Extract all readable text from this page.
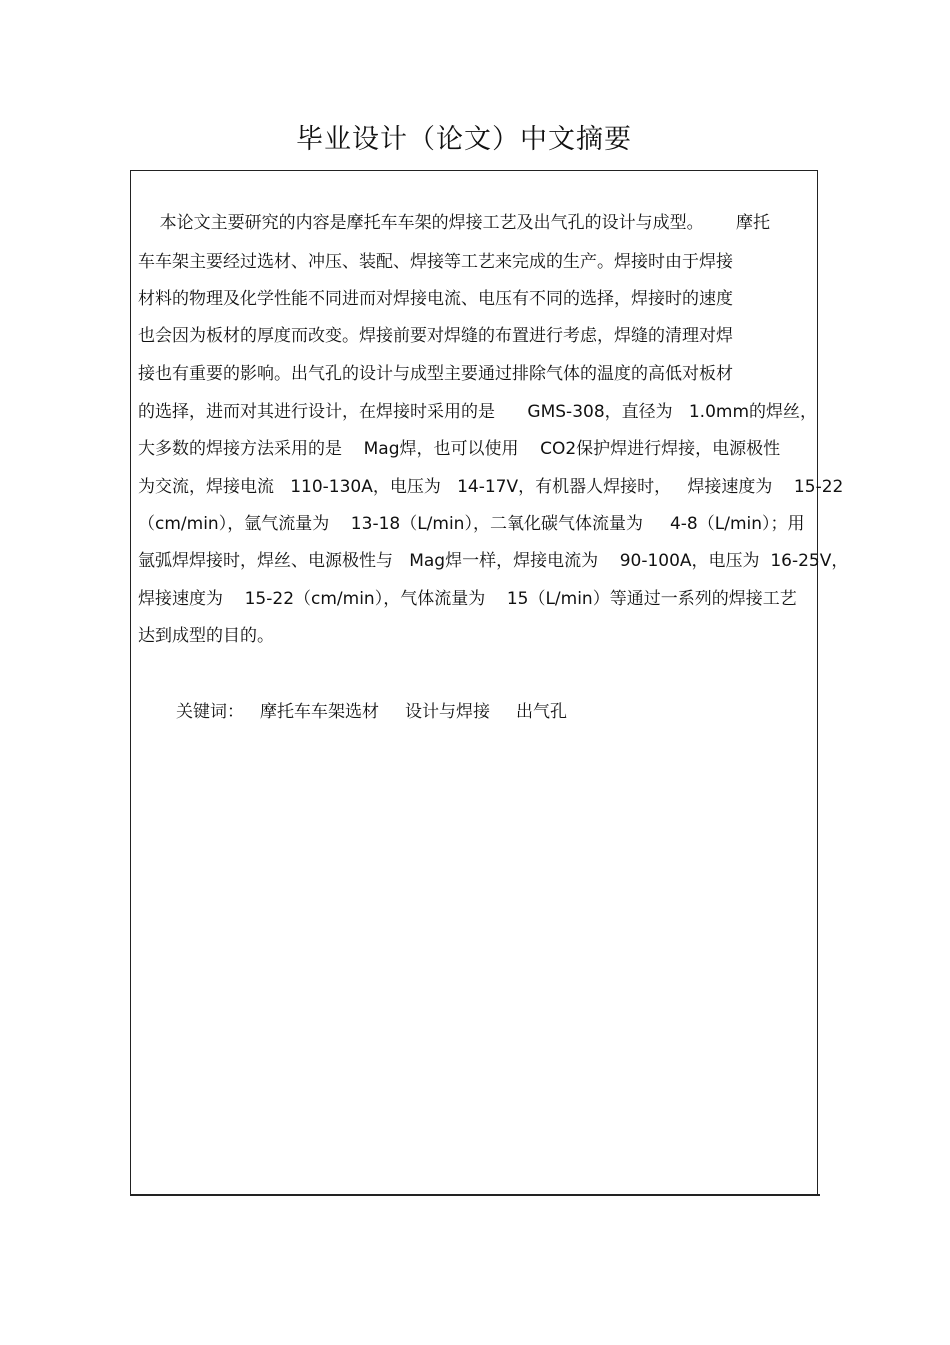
毕业设计（论文）中文摘要
本论文主要研究的内容是摩托车车架的焊接工艺及出气孔的设计与成型。      摩托
车车架主要经过选材、冲压、装配、焊接等工艺来完成的生产。焊接时由于焊接
材料的物理及化学性能不同进而对焊接电流、电压有不同的选择，焊接时的速度
也会因为板材的厚度而改变。焊接前要对焊缝的布置进行考虑，焊缝的清理对焊
接也有重要的影响。出气孔的设计与成型主要通过排除气体的温度的高低对板材
的选择，进而对其进行设计，在焊接时采用的是      GMS-308，直径为   1.0mm的焊丝，
大多数的焊接方法采用的是    Mag焊，也可以使用    CO2保护焊进行焊接，电源极性
为交流，焊接电流   110-130A，电压为   14-17V，有机器人焊接时，   焊接速度为    15-22
（cm/min），氩气流量为    13-18（L/min），二氧化碳气体流量为     4-8（L/min）；用
氩弧焊焊接时，焊丝、电源极性与   Mag焊一样，焊接电流为    90-100A，电压为  16-25V，
焊接速度为    15-22（cm/min），气体流量为    15（L/min）等通过一系列的焊接工艺
达到成型的目的。
关键词： 摩托车车架选材 设计与焊接 出气孔
